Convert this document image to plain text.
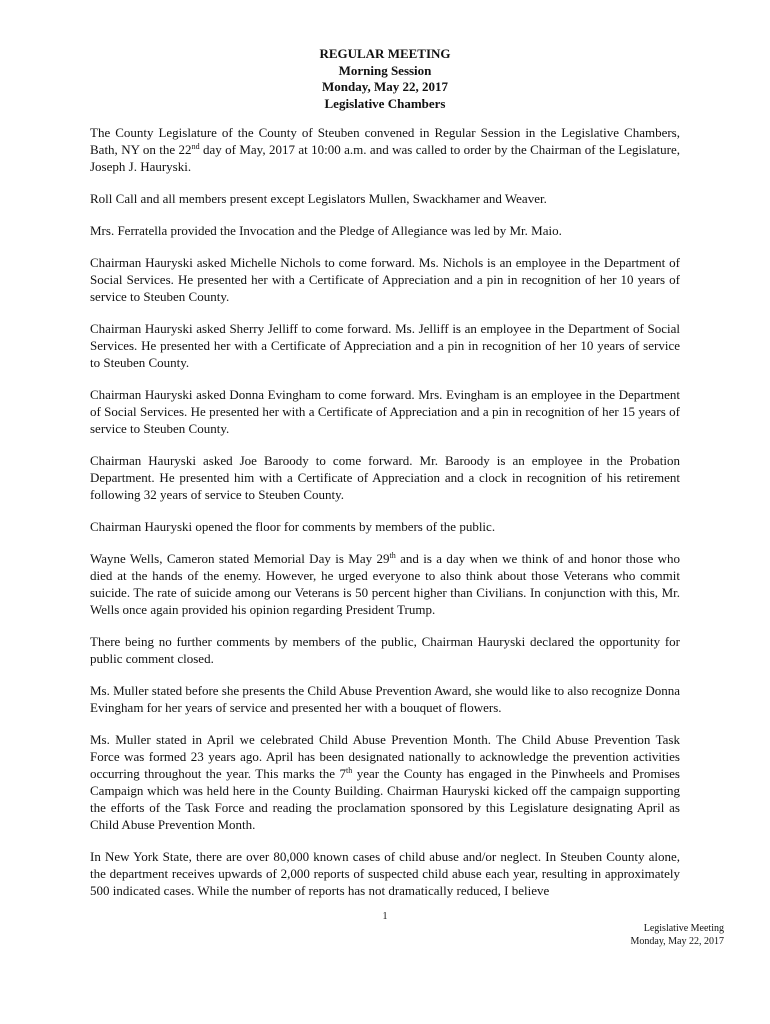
REGULAR MEETING
Morning Session
Monday, May 22, 2017
Legislative Chambers

The County Legislature of the County of Steuben convened in Regular Session in the Legislative Chambers, Bath, NY on the 22nd day of May, 2017 at 10:00 a.m. and was called to order by the Chairman of the Legislature, Joseph J. Hauryski.

Roll Call and all members present except Legislators Mullen, Swackhamer and Weaver.

Mrs. Ferratella provided the Invocation and the Pledge of Allegiance was led by Mr. Maio.

Chairman Hauryski asked Michelle Nichols to come forward. Ms. Nichols is an employee in the Department of Social Services. He presented her with a Certificate of Appreciation and a pin in recognition of her 10 years of service to Steuben County.

Chairman Hauryski asked Sherry Jelliff to come forward. Ms. Jelliff is an employee in the Department of Social Services. He presented her with a Certificate of Appreciation and a pin in recognition of her 10 years of service to Steuben County.

Chairman Hauryski asked Donna Evingham to come forward. Mrs. Evingham is an employee in the Department of Social Services. He presented her with a Certificate of Appreciation and a pin in recognition of her 15 years of service to Steuben County.

Chairman Hauryski asked Joe Baroody to come forward. Mr. Baroody is an employee in the Probation Department. He presented him with a Certificate of Appreciation and a clock in recognition of his retirement following 32 years of service to Steuben County.

Chairman Hauryski opened the floor for comments by members of the public.

Wayne Wells, Cameron stated Memorial Day is May 29th and is a day when we think of and honor those who died at the hands of the enemy. However, he urged everyone to also think about those Veterans who commit suicide. The rate of suicide among our Veterans is 50 percent higher than Civilians. In conjunction with this, Mr. Wells once again provided his opinion regarding President Trump.

There being no further comments by members of the public, Chairman Hauryski declared the opportunity for public comment closed.

Ms. Muller stated before she presents the Child Abuse Prevention Award, she would like to also recognize Donna Evingham for her years of service and presented her with a bouquet of flowers.

Ms. Muller stated in April we celebrated Child Abuse Prevention Month. The Child Abuse Prevention Task Force was formed 23 years ago. April has been designated nationally to acknowledge the prevention activities occurring throughout the year. This marks the 7th year the County has engaged in the Pinwheels and Promises Campaign which was held here in the County Building. Chairman Hauryski kicked off the campaign supporting the efforts of the Task Force and reading the proclamation sponsored by this Legislature designating April as Child Abuse Prevention Month.

In New York State, there are over 80,000 known cases of child abuse and/or neglect. In Steuben County alone, the department receives upwards of 2,000 reports of suspected child abuse each year, resulting in approximately 500 indicated cases. While the number of reports has not dramatically reduced, I believe

1
Legislative Meeting
Monday, May 22, 2017
